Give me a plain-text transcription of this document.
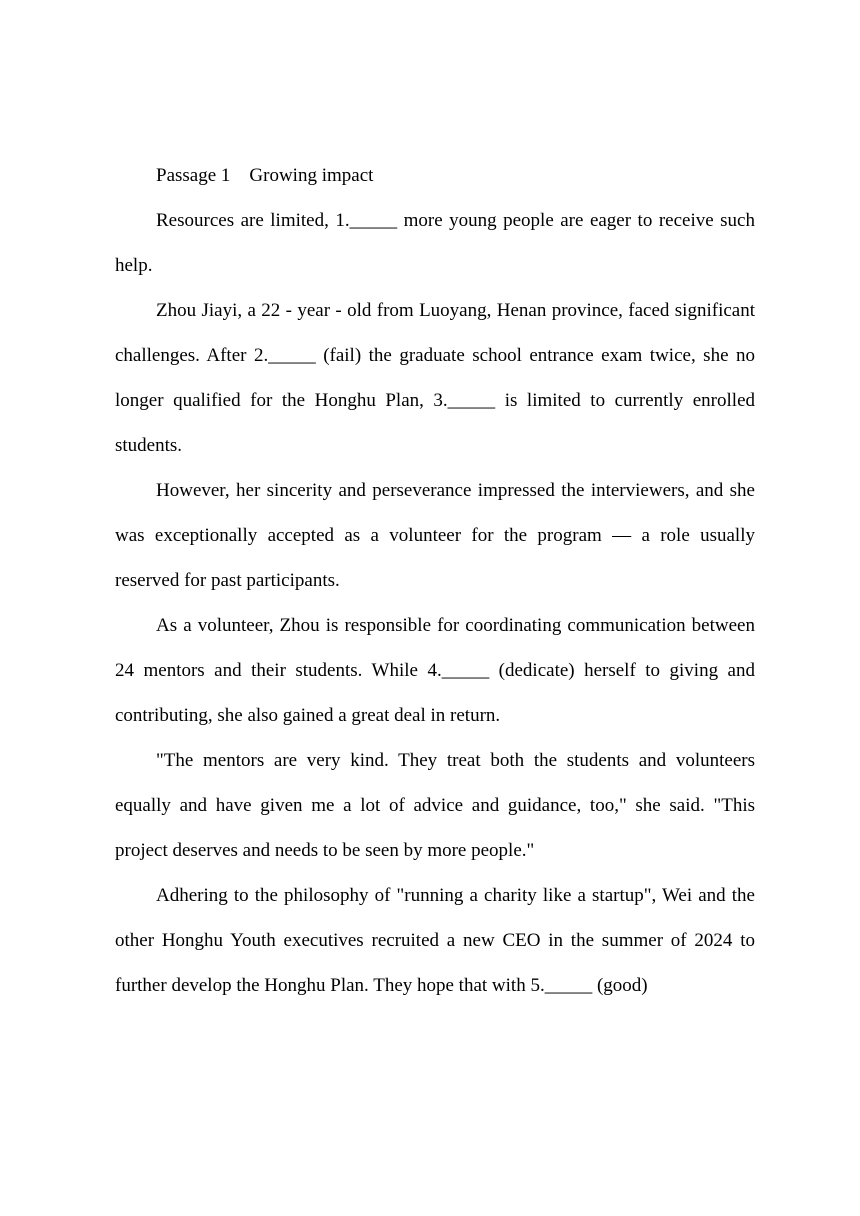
Passage 1    Growing impact

Resources are limited, 1._____ more young people are eager to receive such help.

Zhou Jiayi, a 22 - year - old from Luoyang, Henan province, faced significant challenges. After 2._____ (fail) the graduate school entrance exam twice, she no longer qualified for the Honghu Plan, 3._____ is limited to currently enrolled students.

However, her sincerity and perseverance impressed the interviewers, and she was exceptionally accepted as a volunteer for the program — a role usually reserved for past participants.

As a volunteer, Zhou is responsible for coordinating communication between 24 mentors and their students. While 4._____ (dedicate) herself to giving and contributing, she also gained a great deal in return.

"The mentors are very kind. They treat both the students and volunteers equally and have given me a lot of advice and guidance, too," she said. "This project deserves and needs to be seen by more people."

Adhering to the philosophy of "running a charity like a startup", Wei and the other Honghu Youth executives recruited a new CEO in the summer of 2024 to further develop the Honghu Plan. They hope that with 5._____ (good)
